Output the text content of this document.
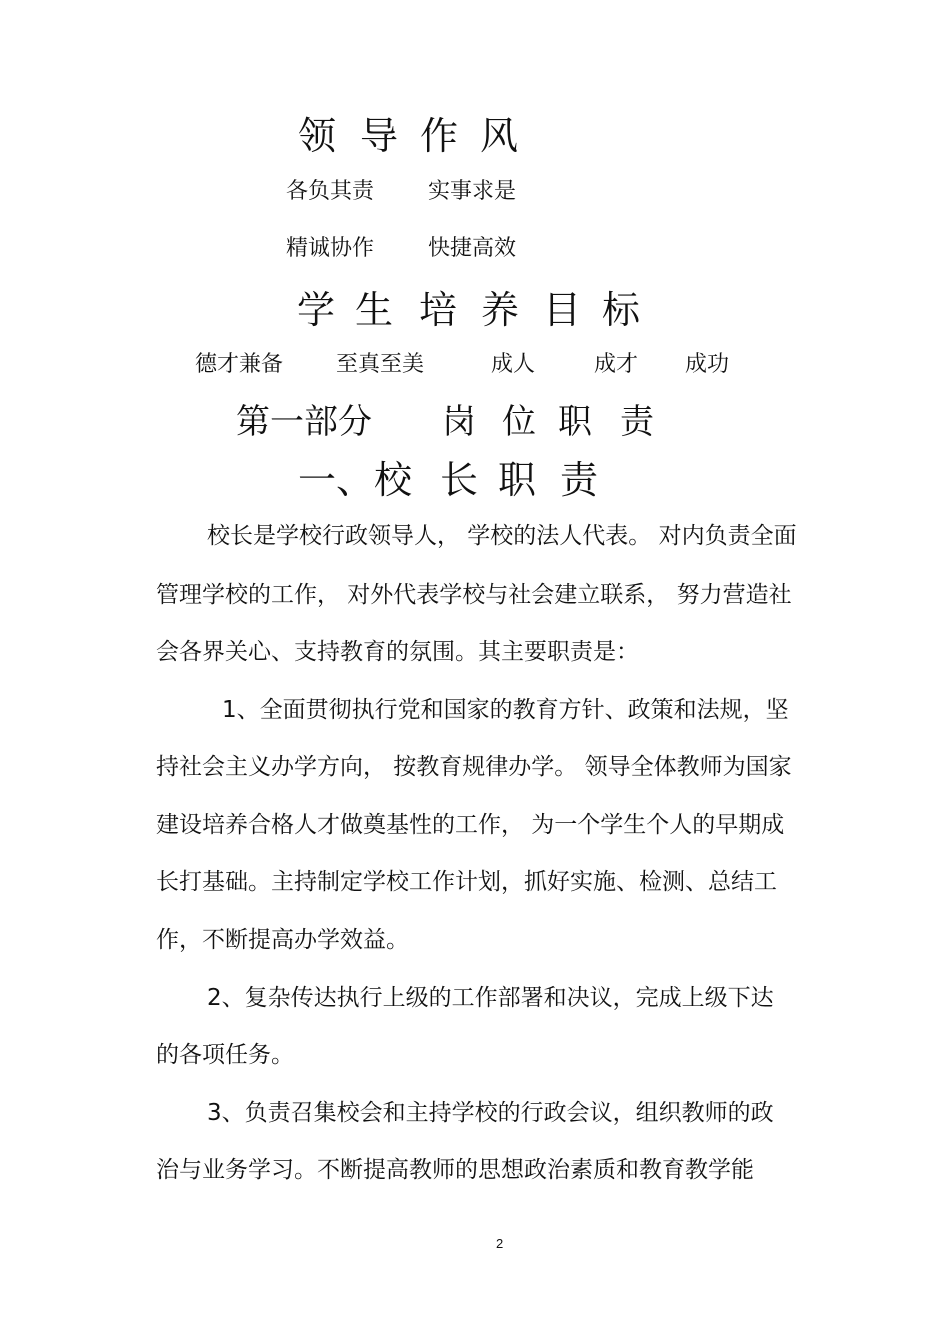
领 导 作 风
各负其责 实事求是
精诚协作 快捷高效
学 生 培 养 目 标
德才兼备 至真至美	成人	成才 成功
第一部分 岗 位 职 责
一、校 长 职 责
校长是学校行政领导人， 学校的法人代表。 对内负责全面
管理学校的工作， 对外代表学校与社会建立联系， 努力营造社
会各界关心、支持教育的氛围。其主要职责是：
1、全面贯彻执行党和国家的教育方针、政策和法规，坚
持社会主义办学方向， 按教育规律办学。 领导全体教师为国家
建设培养合格人才做奠基性的工作， 为一个学生个人的早期成
长打基础。主持制定学校工作计划，抓好实施、检测、总结工
作，不断提高办学效益。
2、复杂传达执行上级的工作部署和决议，完成上级下达
的各项任务。
3、负责召集校会和主持学校的行政会议，组织教师的政
治与业务学习。不断提高教师的思想政治素质和教育教学能
2
